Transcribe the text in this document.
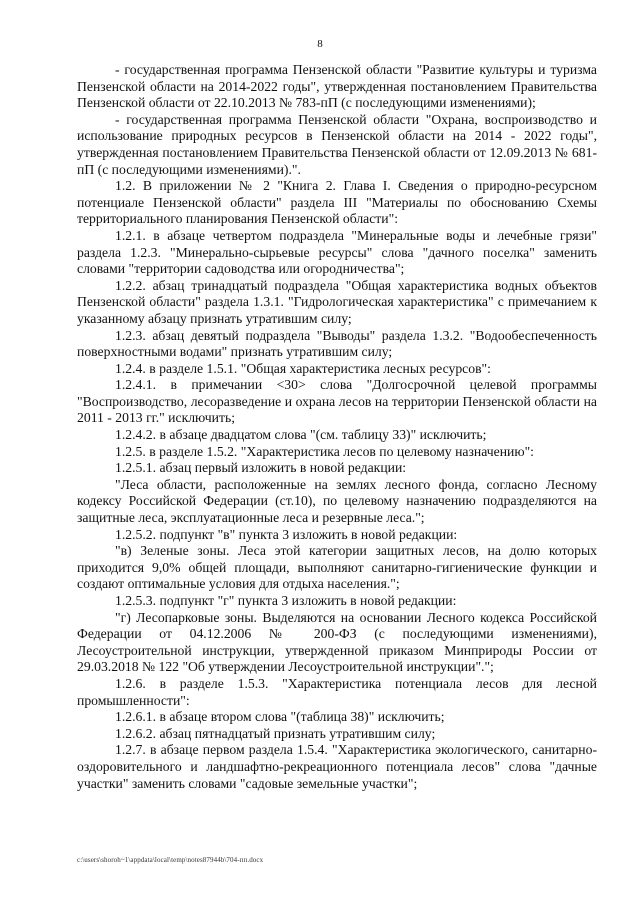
8

- государственная программа Пензенской области "Развитие культуры и туризма Пензенской области на 2014-2022 годы", утвержденная постановлением Правительства Пензенской области от 22.10.2013 № 783-пП (с последующими изменениями);

- государственная программа Пензенской области "Охрана, воспроизводство и использование природных ресурсов в Пензенской области на 2014 - 2022 годы", утвержденная постановлением Правительства Пензенской области от 12.09.2013 № 681-пП (с последующими изменениями).".

1.2. В приложении № 2 "Книга 2. Глава I. Сведения о природно-ресурсном потенциале Пензенской области" раздела III "Материалы по обоснованию Схемы территориального планирования Пензенской области":

1.2.1. в абзаце четвертом подраздела "Минеральные воды и лечебные грязи" раздела 1.2.3. "Минерально-сырьевые ресурсы" слова "дачного поселка" заменить словами "территории садоводства или огородничества";

1.2.2. абзац тринадцатый подраздела "Общая характеристика водных объектов Пензенской области" раздела 1.3.1. "Гидрологическая характеристика" с примечанием к указанному абзацу признать утратившим силу;

1.2.3. абзац девятый подраздела "Выводы" раздела 1.3.2. "Водообеспеченность поверхностными водами" признать утратившим силу;

1.2.4. в разделе 1.5.1. "Общая характеристика лесных ресурсов":

1.2.4.1. в примечании <30> слова "Долгосрочной целевой программы "Воспроизводство, лесоразведение и охрана лесов на территории Пензенской области на 2011 - 2013 гг." исключить;

1.2.4.2. в абзаце двадцатом слова "(см. таблицу 33)" исключить;

1.2.5. в разделе 1.5.2. "Характеристика лесов по целевому назначению":

1.2.5.1. абзац первый изложить в новой редакции:

"Леса области, расположенные на землях лесного фонда, согласно Лесному кодексу Российской Федерации (ст.10), по целевому назначению подразделяются на защитные леса, эксплуатационные леса и резервные леса.";

1.2.5.2. подпункт "в" пункта 3 изложить в новой редакции:

"в) Зеленые зоны. Леса этой категории защитных лесов, на долю которых приходится 9,0% общей площади, выполняют санитарно-гигиенические функции и создают оптимальные условия для отдыха населения.";

1.2.5.3. подпункт "г" пункта 3 изложить в новой редакции:

"г) Лесопарковые зоны. Выделяются на основании Лесного кодекса Российской Федерации от 04.12.2006 № 200-ФЗ (с последующими изменениями), Лесоустроительной инструкции, утвержденной приказом Минприроды России от 29.03.2018 № 122 "Об утверждении Лесоустроительной инструкции".";

1.2.6. в разделе 1.5.3. "Характеристика потенциала лесов для лесной промышленности":

1.2.6.1. в абзаце втором слова "(таблица 38)" исключить;

1.2.6.2. абзац пятнадцатый признать утратившим силу;

1.2.7. в абзаце первом раздела 1.5.4. "Характеристика экологического, санитарно-оздоровительного и ландшафтно-рекреационного потенциала лесов" слова "дачные участки" заменить словами "садовые земельные участки";

c:\users\shoroh~1\appdata\local\temp\notes87944b\704-пп.docx
